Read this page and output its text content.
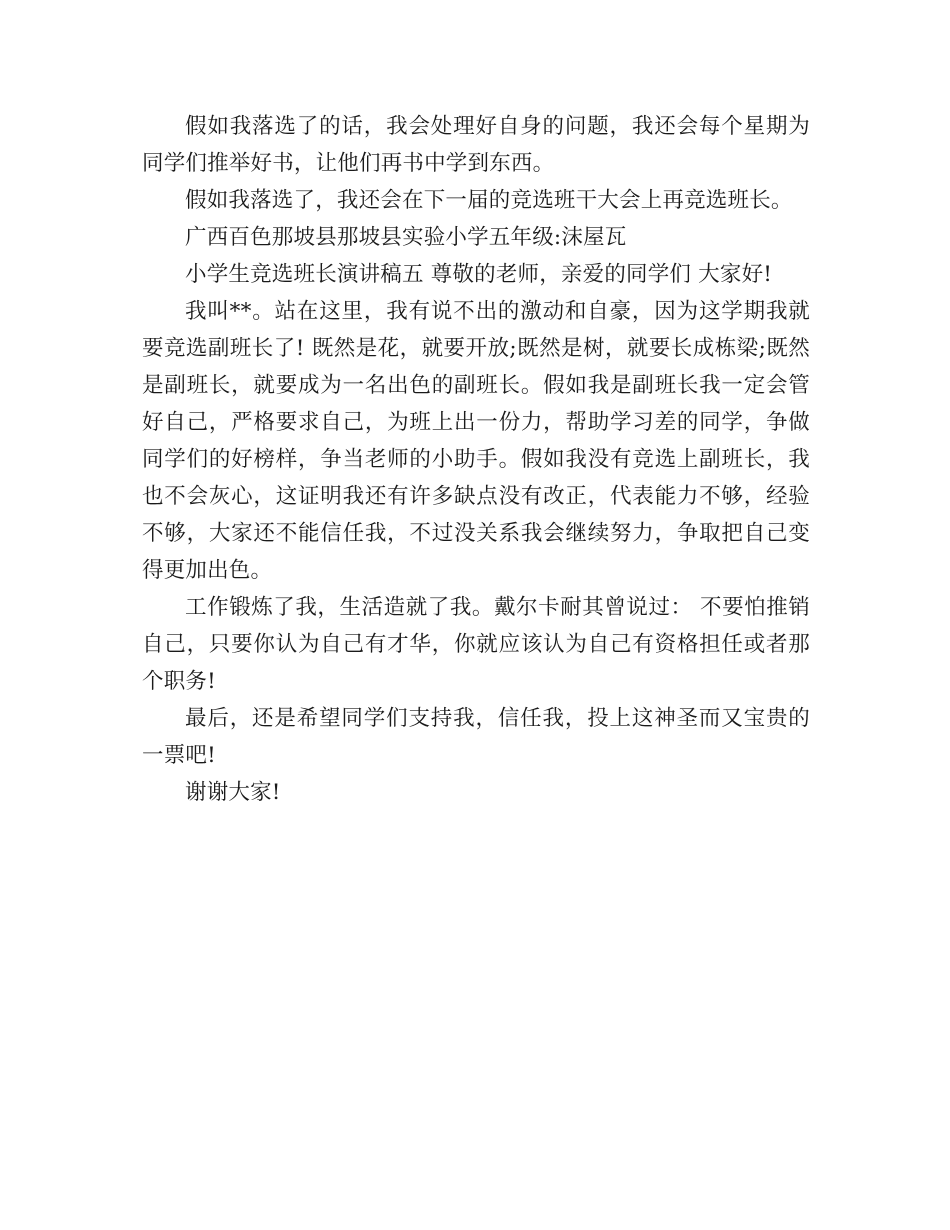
假如我落选了的话，我会处理好自身的问题，我还会每个星期为同学们推举好书，让他们再书中学到东西。

假如我落选了，我还会在下一届的竞选班干大会上再竞选班长。

广西百色那坡县那坡县实验小学五年级:沫屋瓦

小学生竞选班长演讲稿五 尊敬的老师，亲爱的同学们 大家好!

我叫**。站在这里，我有说不出的激动和自豪，因为这学期我就要竞选副班长了! 既然是花，就要开放;既然是树，就要长成栋梁;既然是副班长，就要成为一名出色的副班长。假如我是副班长我一定会管好自己，严格要求自己，为班上出一份力，帮助学习差的同学，争做同学们的好榜样，争当老师的小助手。假如我没有竞选上副班长，我也不会灰心，这证明我还有许多缺点没有改正，代表能力不够，经验不够，大家还不能信任我，不过没关系我会继续努力，争取把自己变得更加出色。

工作锻炼了我，生活造就了我。戴尔卡耐其曾说过： 不要怕推销自己，只要你认为自己有才华，你就应该认为自己有资格担任或者那个职务!

最后，还是希望同学们支持我，信任我，投上这神圣而又宝贵的一票吧!

谢谢大家!
